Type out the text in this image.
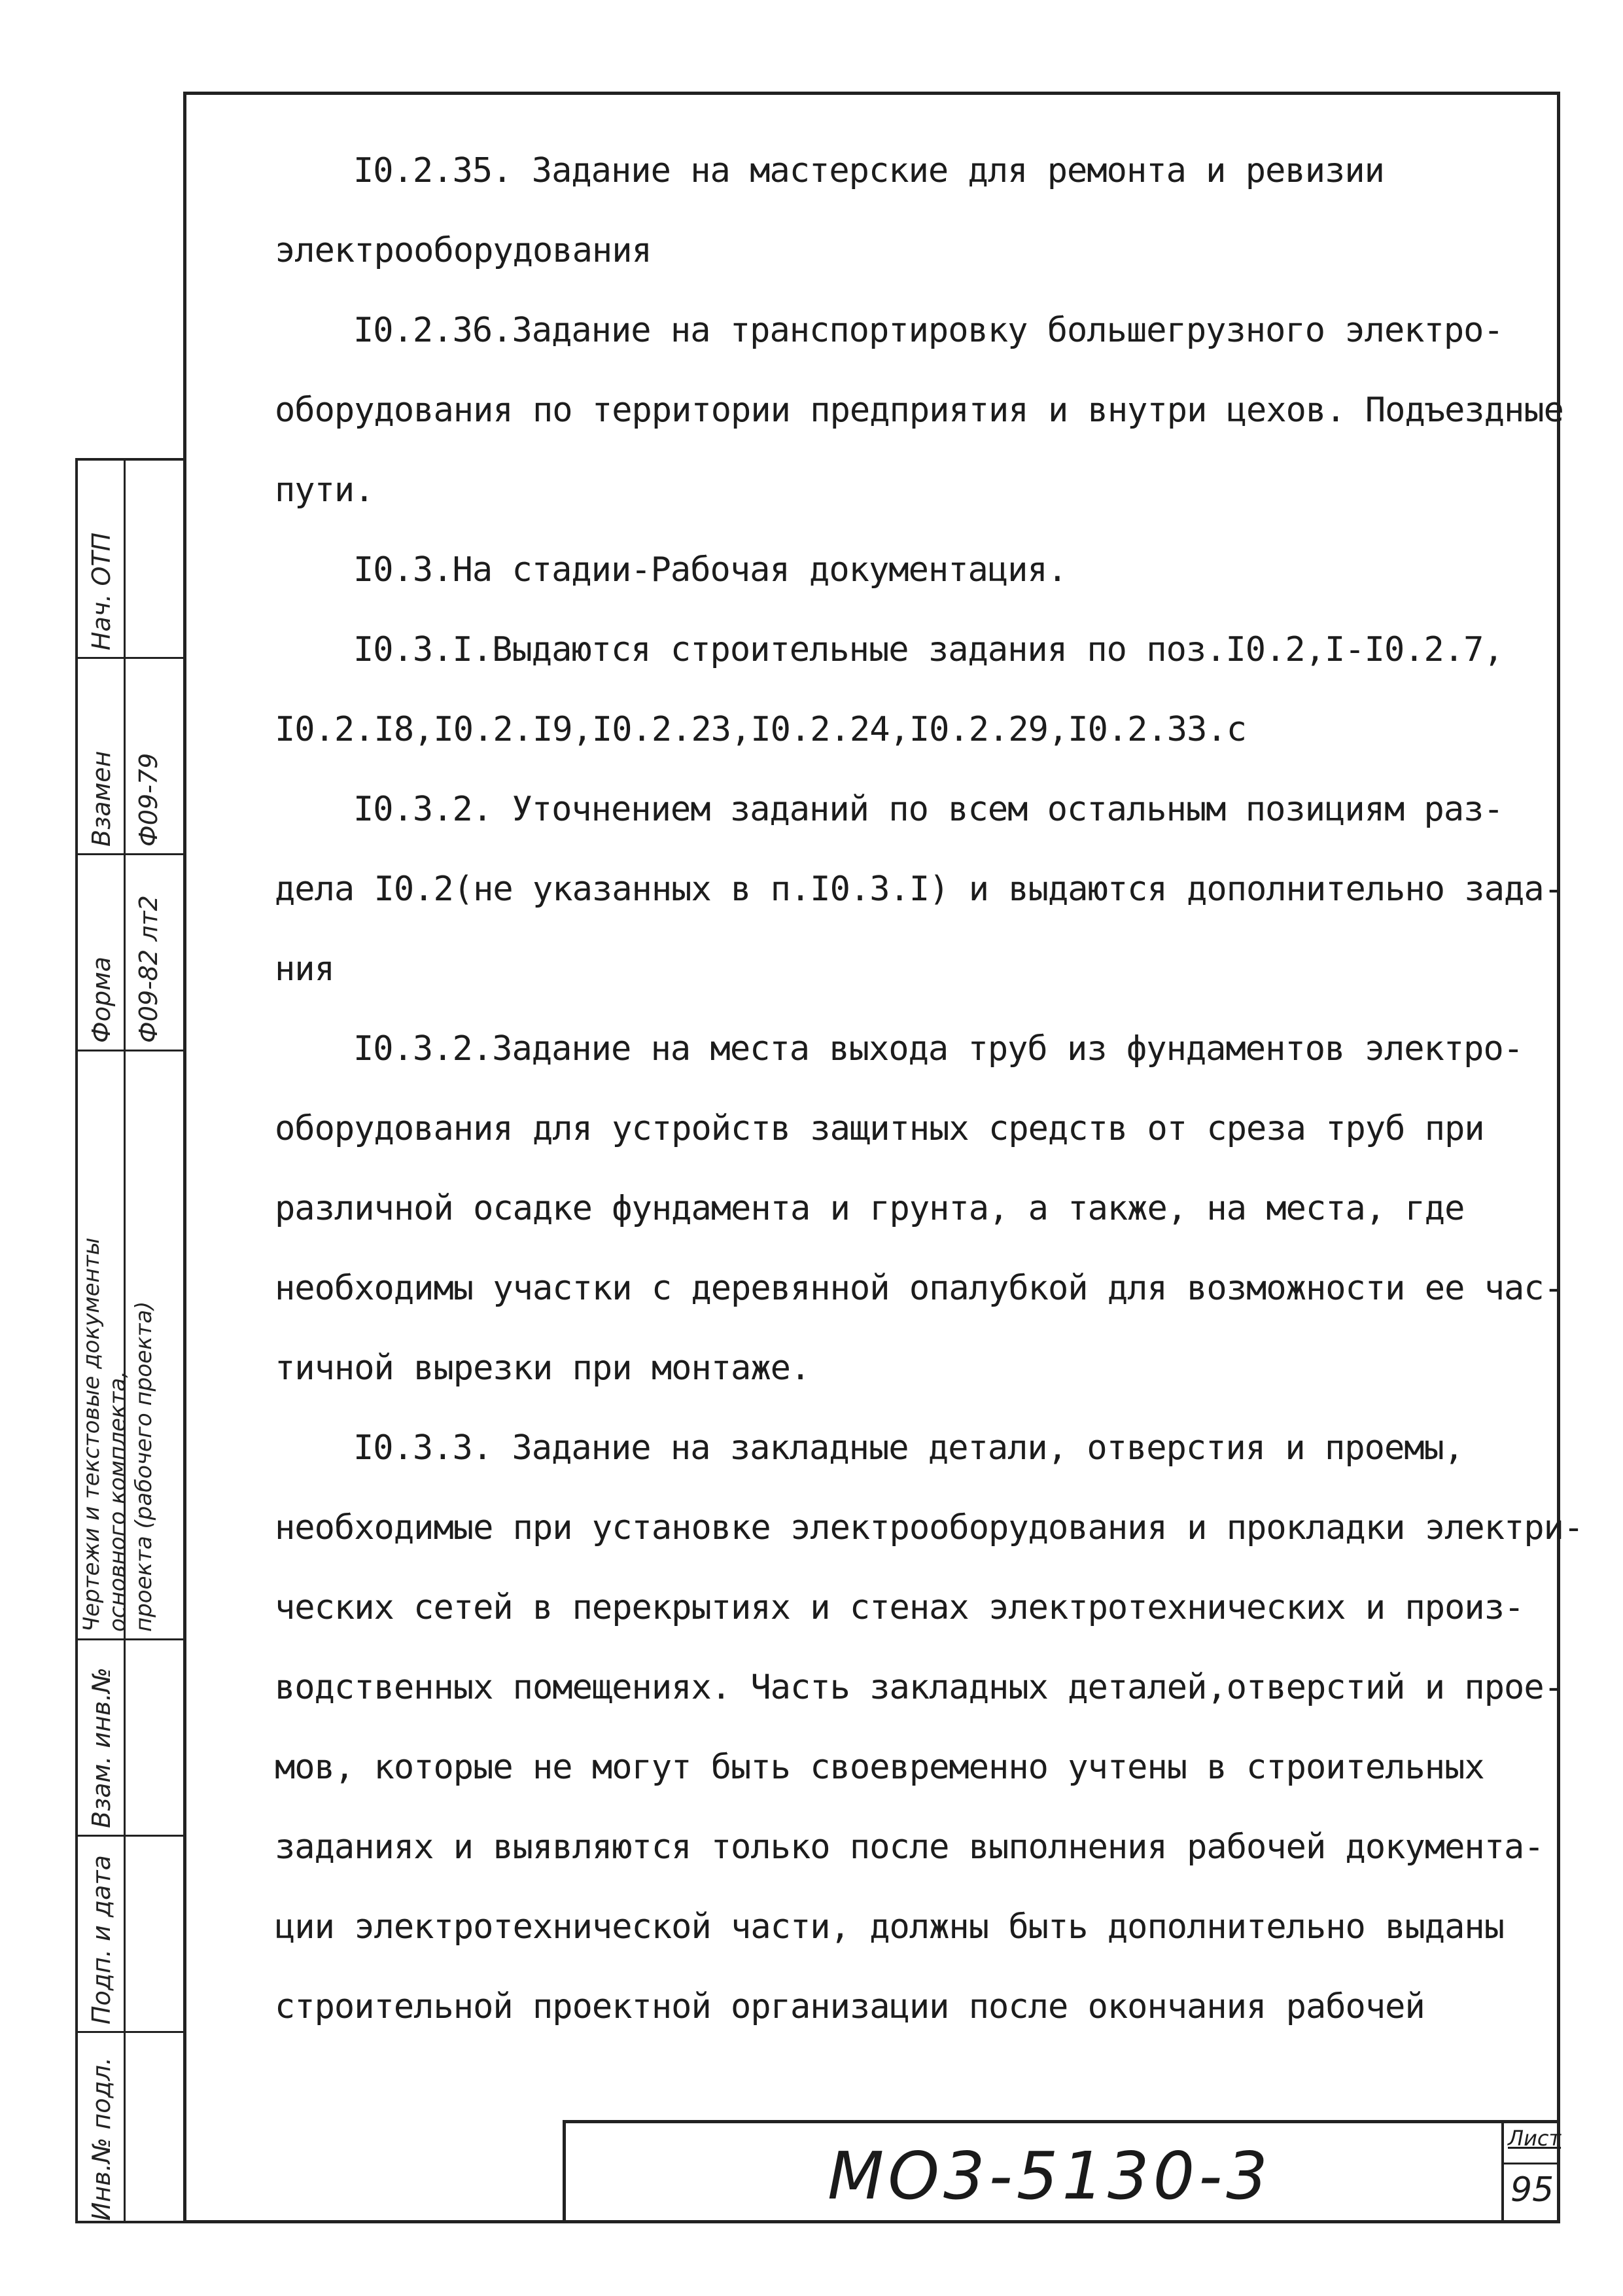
Нач. ОТП
Взамен Ф09-79
Форма Ф09-82 лт2
Чертежи и текстовые документы основного комплекта, проекта (рабочего проекта)
Взам. инв.№
Подп. и дата
Инв.№ подл.
I0.2.35. Задание на мастерские для ремонта и ревизии
электрооборудования
I0.2.36.Задание на транспортировку большегрузного электро-
оборудования по территории предприятия и внутри цехов. Подъездные
пути.
I0.3.На стадии-Рабочая документация.
I0.3.I.Выдаются строительные задания по поз.I0.2,I-I0.2.7,
I0.2.I8,I0.2.I9,I0.2.23,I0.2.24,I0.2.29,I0.2.33.с
I0.3.2. Уточнением заданий по всем остальным позициям раз-
дела I0.2(не указанных в п.I0.3.I) и выдаются дополнительно зада-
ния
I0.3.2.Задание на места выхода труб из фундаментов электро-
оборудования для устройств защитных средств от среза труб при
различной осадке фундамента и грунта, а также, на места, где
необходимы участки с деревянной опалубкой для возможности ее час-
тичной вырезки при монтаже.
I0.3.3. Задание на закладные детали, отверстия и проемы,
необходимые при установке электрооборудования и прокладки электри-
ческих сетей в перекрытиях и стенах электротехнических и произ-
водственных помещениях. Часть закладных деталей,отверстий и прое-
мов, которые не могут быть своевременно учтены в строительных
заданиях и выявляются только после выполнения рабочей документа-
ции электротехнической части, должны быть дополнительно выданы
строительной проектной организации после окончания рабочей
МО3-5130-3	Лист
95
